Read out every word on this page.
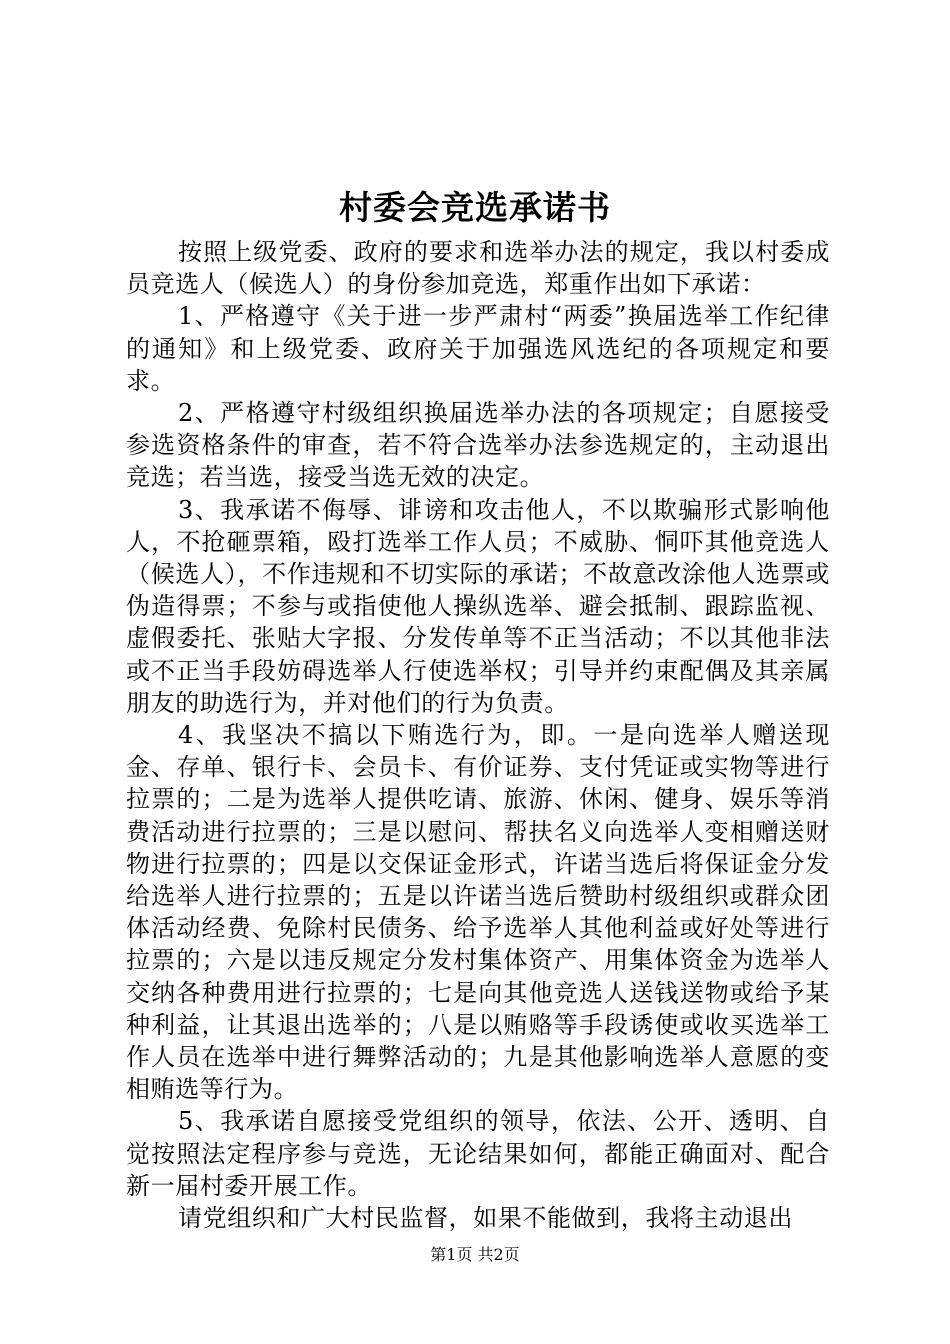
村委会竞选承诺书

按照上级党委、政府的要求和选举办法的规定，我以村委成员竞选人（候选人）的身份参加竞选，郑重作出如下承诺：

1、严格遵守《关于进一步严肃村“两委”换届选举工作纪律的通知》和上级党委、政府关于加强选风选纪的各项规定和要求。

2、严格遵守村级组织换届选举办法的各项规定；自愿接受参选资格条件的审查，若不符合选举办法参选规定的，主动退出竞选；若当选，接受当选无效的决定。

3、我承诺不侮辱、诽谤和攻击他人，不以欺骗形式影响他人，不抢砸票箱，殴打选举工作人员；不威胁、恫吓其他竞选人（候选人），不作违规和不切实际的承诺；不故意改涂他人选票或伪造得票；不参与或指使他人操纵选举、避会抵制、跟踪监视、虚假委托、张贴大字报、分发传单等不正当活动；不以其他非法或不正当手段妨碍选举人行使选举权；引导并约束配偶及其亲属朋友的助选行为，并对他们的行为负责。

4、我坚决不搞以下贿选行为，即。一是向选举人赠送现金、存单、银行卡、会员卡、有价证券、支付凭证或实物等进行拉票的；二是为选举人提供吃请、旅游、休闲、健身、娱乐等消费活动进行拉票的；三是以慰问、帮扶名义向选举人变相赠送财物进行拉票的；四是以交保证金形式，许诺当选后将保证金分发给选举人进行拉票的；五是以许诺当选后赞助村级组织或群众团体活动经费、免除村民债务、给予选举人其他利益或好处等进行拉票的；六是以违反规定分发村集体资产、用集体资金为选举人交纳各种费用进行拉票的；七是向其他竞选人送钱送物或给予某种利益，让其退出选举的；八是以贿赂等手段诱使或收买选举工作人员在选举中进行舞弊活动的；九是其他影响选举人意愿的变相贿选等行为。

5、我承诺自愿接受党组织的领导，依法、公开、透明、自觉按照法定程序参与竞选，无论结果如何，都能正确面对、配合新一届村委开展工作。

请党组织和广大村民监督，如果不能做到，我将主动退出

第1页 共2页
